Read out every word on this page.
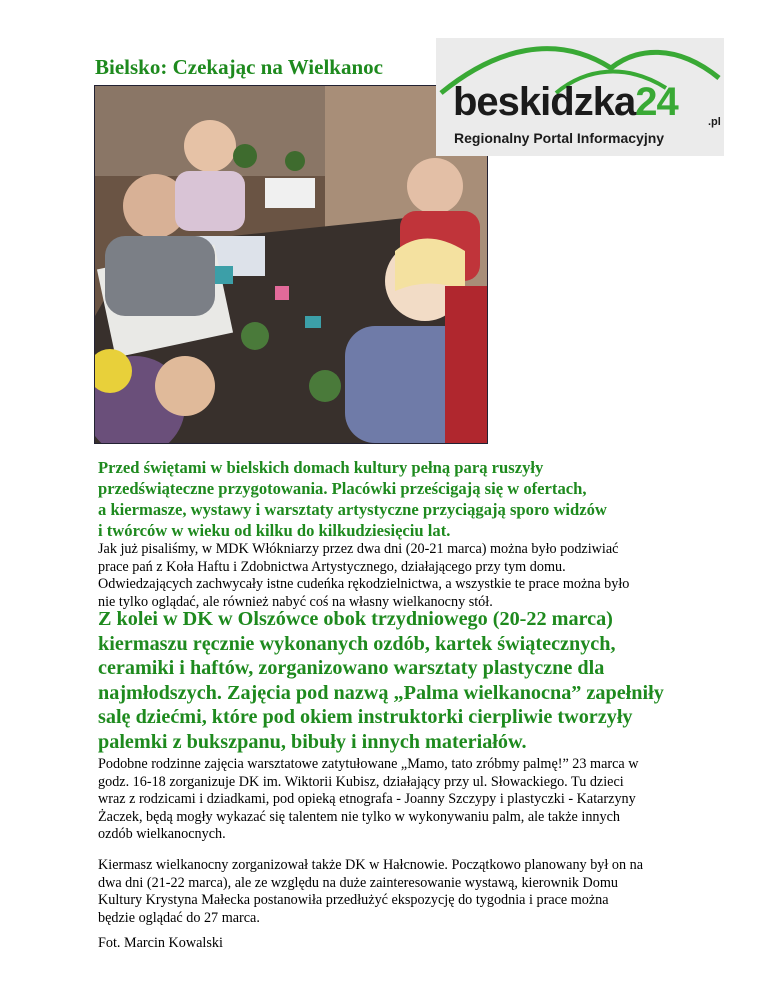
Bielsko: Czekając na Wielkanoc
beskidzka24	.pl
Regionalny Portal Informacyjny

Przed świętami w bielskich domach kultury pełną parą ruszyły
przedświąteczne przygotowania. Placówki prześcigają się w ofertach,
a kiermasze, wystawy i warsztaty artystyczne przyciągają sporo widzów
i twórców w wieku od kilku do kilkudziesięciu lat.

Jak już pisaliśmy, w MDK Włókniarzy przez dwa dni (20-21 marca) można było podziwiać
prace pań z Koła Haftu i Zdobnictwa Artystycznego, działającego przy tym domu.
Odwiedzających zachwycały istne cudeńka rękodzielnictwa, a wszystkie te prace można było
nie tylko oglądać, ale również nabyć coś na własny wielkanocny stół.

Z kolei w DK w Olszówce obok trzydniowego (20-22 marca)
kiermaszu ręcznie wykonanych ozdób, kartek świątecznych,
ceramiki i haftów, zorganizowano warsztaty plastyczne dla
najmłodszych. Zajęcia pod nazwą „Palma wielkanocna” zapełniły
salę dziećmi, które pod okiem instruktorki cierpliwie tworzyły
palemki z bukszpanu, bibuły i innych materiałów.

Podobne rodzinne zajęcia warsztatowe zatytułowane „Mamo, tato zróbmy palmę!” 23 marca w
godz. 16-18 zorganizuje DK im. Wiktorii Kubisz, działający przy ul. Słowackiego. Tu dzieci
wraz z rodzicami i dziadkami, pod opieką etnografa - Joanny Szczypy i plastyczki - Katarzyny
Żaczek, będą mogły wykazać się talentem nie tylko w wykonywaniu palm, ale także innych
ozdób wielkanocnych.

Kiermasz wielkanocny zorganizował także DK w Hałcnowie. Początkowo planowany był on na
dwa dni (21-22 marca), ale ze względu na duże zainteresowanie wystawą, kierownik Domu
Kultury Krystyna Małecka postanowiła przedłużyć ekspozycję do tygodnia i prace można
będzie oglądać do 27 marca.

Fot. Marcin Kowalski
